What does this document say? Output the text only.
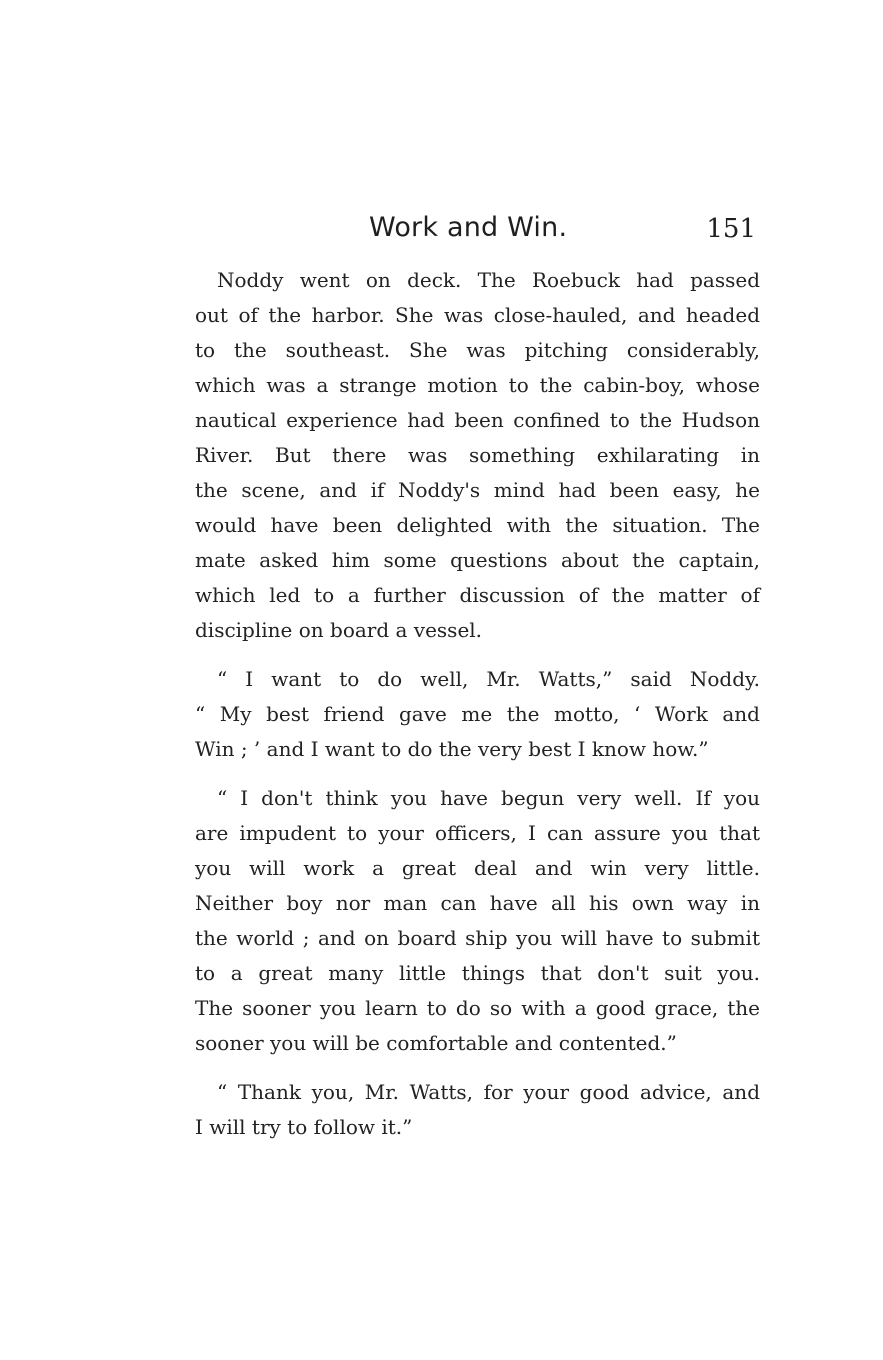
Work and Win.	151
Noddy went on deck. The Roebuck had passed
out of the harbor. She was close-hauled, and headed
to the southeast. She was pitching considerably,
which was a strange motion to the cabin-boy, whose
nautical experience had been confined to the Hudson
River. But there was something exhilarating in
the scene, and if Noddy's mind had been easy, he
would have been delighted with the situation. The
mate asked him some questions about the captain,
which led to a further discussion of the matter of
discipline on board a vessel.
“ I want to do well, Mr. Watts,” said Noddy.
“ My best friend gave me the motto, ‘ Work and
Win ; ’ and I want to do the very best I know how.”
“ I don't think you have begun very well. If you
are impudent to your officers, I can assure you that
you will work a great deal and win very little.
Neither boy nor man can have all his own way in
the world ; and on board ship you will have to submit
to a great many little things that don't suit you.
The sooner you learn to do so with a good grace, the
sooner you will be comfortable and contented.”
“ Thank you, Mr. Watts, for your good advice, and
I will try to follow it.”
